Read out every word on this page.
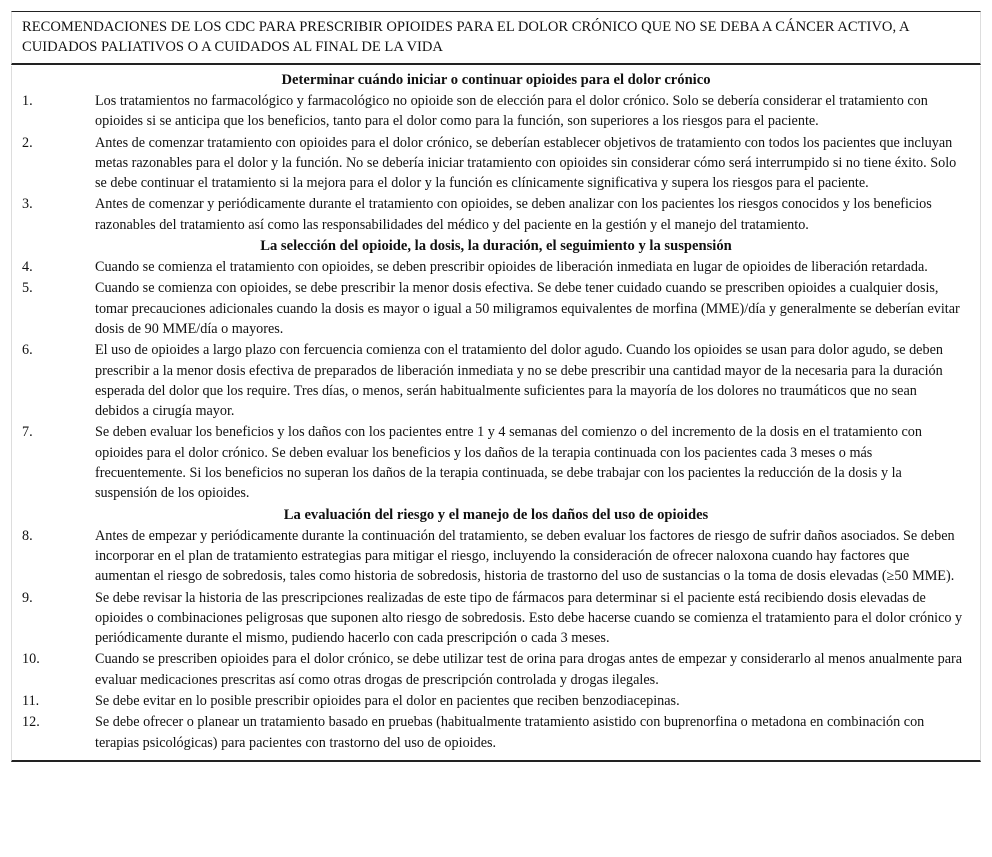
RECOMENDACIONES DE LOS CDC PARA PRESCRIBIR OPIOIDES PARA EL DOLOR CRÓNICO QUE NO SE DEBA A CÁNCER ACTIVO, A CUIDADOS PALIATIVOS O A CUIDADOS AL FINAL DE LA VIDA
Determinar cuándo iniciar o continuar opioides para el dolor crónico
1.	Los tratamientos no farmacológico y farmacológico no opioide son de elección para el dolor crónico. Solo se debería considerar el tratamiento con opioides si se anticipa que los beneficios, tanto para el dolor como para la función, son superiores a los riesgos para el paciente.
2.	Antes de comenzar tratamiento con opioides para el dolor crónico, se deberían establecer objetivos de tratamiento con todos los pacientes que incluyan metas razonables para el dolor y la función. No se debería iniciar tratamiento con opioides sin considerar cómo será interrumpido si no tiene éxito. Solo se debe continuar el tratamiento si la mejora para el dolor y la función es clínicamente significativa y supera los riesgos para el paciente.
3.	Antes de comenzar y periódicamente durante el tratamiento con opioides, se deben analizar con los pacientes los riesgos conocidos y los beneficios razonables del tratamiento así como las responsabilidades del médico y del paciente en la gestión y el manejo del tratamiento.
La selección del opioide, la dosis, la duración, el seguimiento y la suspensión
4.	Cuando se comienza el tratamiento con opioides, se deben prescribir opioides de liberación inmediata en lugar de opioides de liberación retardada.
5.	Cuando se comienza con opioides, se debe prescribir la menor dosis efectiva. Se debe tener cuidado cuando se prescriben opioides a cualquier dosis, tomar precauciones adicionales cuando la dosis es mayor o igual a 50 miligramos equivalentes de morfina (MME)/día y generalmente se deberían evitar dosis de 90 MME/día o mayores.
6.	El uso de opioides a largo plazo con fercuencia comienza con el tratamiento del dolor agudo. Cuando los opioides se usan para dolor agudo, se deben prescribir a la menor dosis efectiva de preparados de liberación inmediata y no se debe prescribir una cantidad mayor de la necesaria para la duración esperada del dolor que los require. Tres días, o menos, serán habitualmente suficientes para la mayoría de los dolores no traumáticos que no sean debidos a cirugía mayor.
7.	Se deben evaluar los beneficios y los daños con los pacientes entre 1 y 4 semanas del comienzo o del incremento de la dosis en el tratamiento con opioides para el dolor crónico. Se deben evaluar los beneficios y los daños de la terapia continuada con los pacientes cada 3 meses o más frecuentemente. Si los beneficios no superan los daños de la terapia continuada, se debe trabajar con los pacientes la reducción de la dosis y la suspensión de los opioides.
La evaluación del riesgo y el manejo de los daños del uso de opioides
8.	Antes de empezar y periódicamente durante la continuación del tratamiento, se deben evaluar los factores de riesgo de sufrir daños asociados. Se deben incorporar en el plan de tratamiento estrategias para mitigar el riesgo, incluyendo la consideración de ofrecer naloxona cuando hay factores que aumentan el riesgo de sobredosis, tales como historia de sobredosis, historia de trastorno del uso de sustancias o la toma de dosis elevadas (≥50 MME).
9.	Se debe revisar la historia de las prescripciones realizadas de este tipo de fármacos para determinar si el paciente está recibiendo dosis elevadas de opioides o combinaciones peligrosas que suponen alto riesgo de sobredosis. Esto debe hacerse cuando se comienza el tratamiento para el dolor crónico y periódicamente durante el mismo, pudiendo hacerlo con cada prescripción o cada 3 meses.
10.	Cuando se prescriben opioides para el dolor crónico, se debe utilizar test de orina para drogas antes de empezar y considerarlo al menos anualmente para evaluar medicaciones prescritas así como otras drogas de prescripción controlada y drogas ilegales.
11.	Se debe evitar en lo posible prescribir opioides para el dolor en pacientes que reciben benzodiacepinas.
12.	Se debe ofrecer o planear un tratamiento basado en pruebas (habitualmente tratamiento asistido con buprenorfina o metadona en combinación con terapias psicológicas) para pacientes con trastorno del uso de opioides.
